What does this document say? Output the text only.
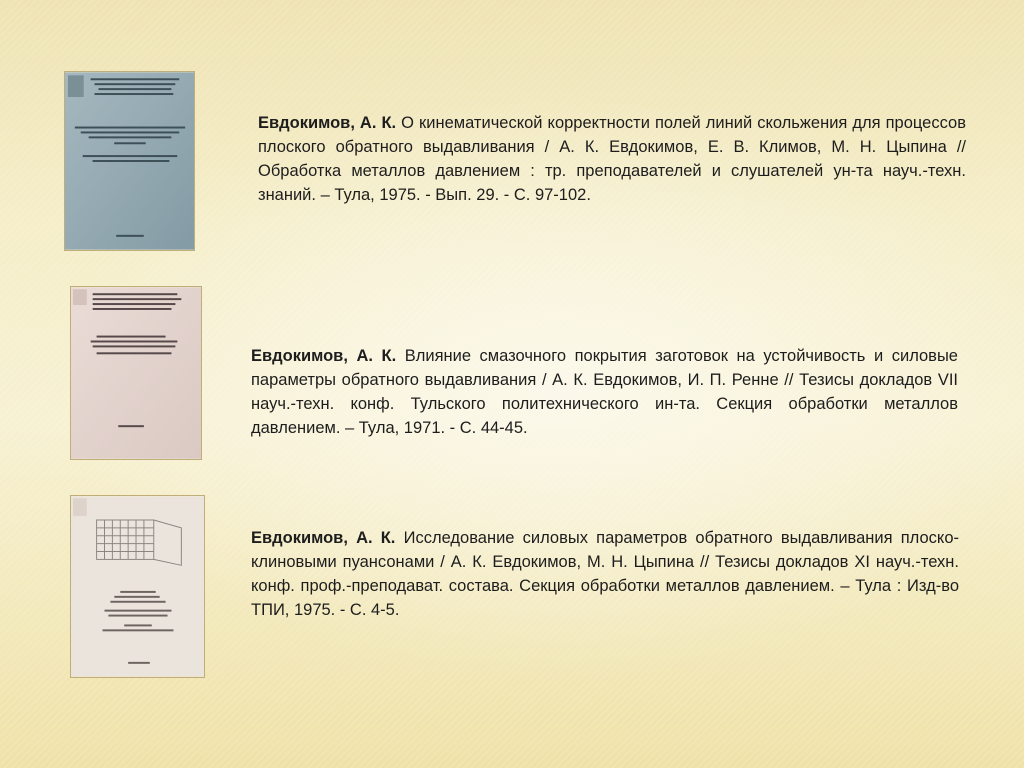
Евдокимов, А. К. О кинематической корректности полей линий скольжения для процессов плоского обратного выдавливания / А. К. Евдокимов, Е. В. Климов, М. Н. Цыпина // Обработка металлов давлением : тр. преподавателей и слушателей ун-та науч.-техн. знаний. – Тула, 1975. - Вып. 29. - С. 97-102.
Евдокимов, А. К. Влияние смазочного покрытия заготовок на устойчивость и силовые параметры обратного выдавливания / А. К. Евдокимов, И. П. Ренне // Тезисы докладов VII науч.-техн. конф. Тульского политехнического ин-та. Секция обработки металлов давлением. – Тула, 1971. - С. 44-45.
Евдокимов, А. К. Исследование силовых параметров обратного выдавливания плоско-клиновыми пуансонами / А. К. Евдокимов, М. Н. Цыпина // Тезисы докладов XI науч.-техн. конф. проф.-преподават. состава. Секция обработки металлов давлением. – Тула : Изд-во ТПИ, 1975. - С. 4-5.
